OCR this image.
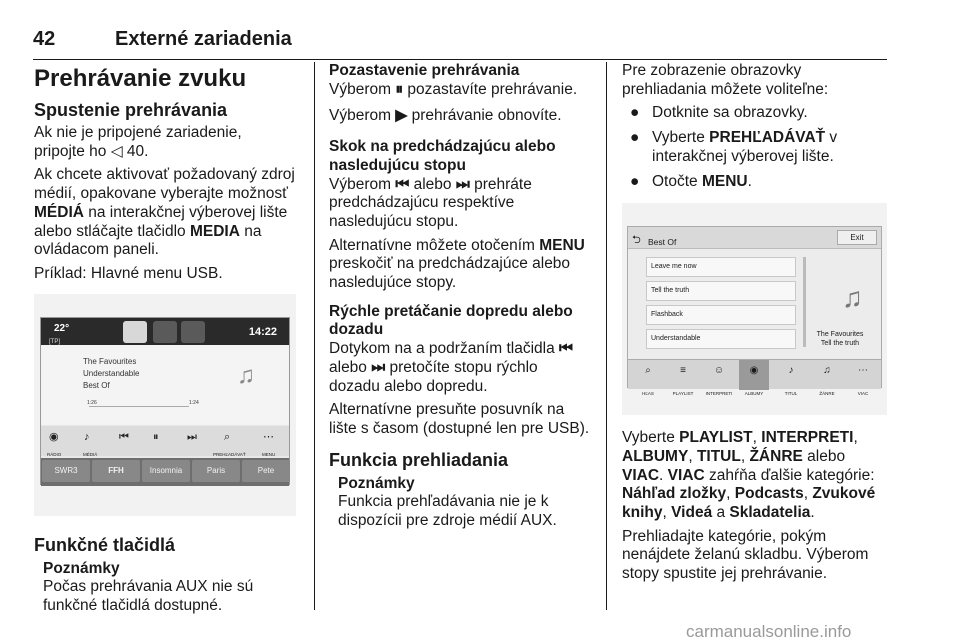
42	Externé zariadenia
Prehrávanie zvuku
Spustenie prehrávania

Ak nie je pripojené zariadenie, pripojte ho ◁ 40.

Ak chcete aktivovať požadovaný zdroj médií, opakovane vyberajte možnosť MÉDIÁ na interakčnej výberovej lište alebo stláčajte tlačidlo MEDIA na ovládacom paneli.

Príklad: Hlavné menu USB.

22°
[TP]
14:22
The Favourites
Understandable
Best Of
1:26	1:24
♫
◉
RÁDIO
♪
MÉDIÁ
⏮ ⏸	⏭ ⌕
PREHĽADÁVAŤ
⋯
MENU
SWR3	FFH	Insomnia	Paris	Pete
Funkčné tlačidlá
Poznámky
Počas prehrávania AUX nie sú funkčné tlačidlá dostupné.
Pozastavenie prehrávania

Výberom ⏸ pozastavíte prehrávanie.

Výberom ▶ prehrávanie obnovíte.

Skok na predchádzajúcu alebo nasledujúcu stopu

Výberom ⏮ alebo ⏭ prehráte predchádzajúcu respektíve nasledujúcu stopu.

Alternatívne môžete otočením MENU preskočiť na predchádzajúce alebo nasledujúce stopy.

Rýchle pretáčanie dopredu alebo dozadu

Dotykom na a podržaním tlačidla ⏮ alebo ⏭ pretočíte stopu rýchlo dozadu alebo dopredu.

Alternatívne presuňte posuvník na lište s časom (dostupné len pre USB).

Funkcia prehliadania
Poznámky
Funkcia prehľadávania nie je k dispozícii pre zdroje médií AUX.

Pre zobrazenie obrazovky prehliadania môžete voliteľne:

● Dotknite sa obrazovky.
● Vyberte PREHĽADÁVAŤ v interakčnej výberovej lište.
● Otočte MENU.
⮌ Best Of	Exit
Leave me now
Tell the truth
Flashback
Understandable
♫
The Favourites
Tell the truth
⌕
HĽAS
≡
PLAYLIST
☺
INTERPRETI
◉
ALBUMY
♪
TITUL
♫
ŽÁNRE
⋯
VIAC

Vyberte PLAYLIST, INTERPRETI, ALBUMY, TITUL, ŽÁNRE alebo VIAC. VIAC zahŕňa ďalšie kategórie: Náhľad zložky, Podcasts, Zvukové knihy, Videá a Skladatelia.

Prehliadajte kategórie, pokým nenájdete želanú skladbu. Výberom stopy spustite jej prehrávanie.

carmanualsonline.info
